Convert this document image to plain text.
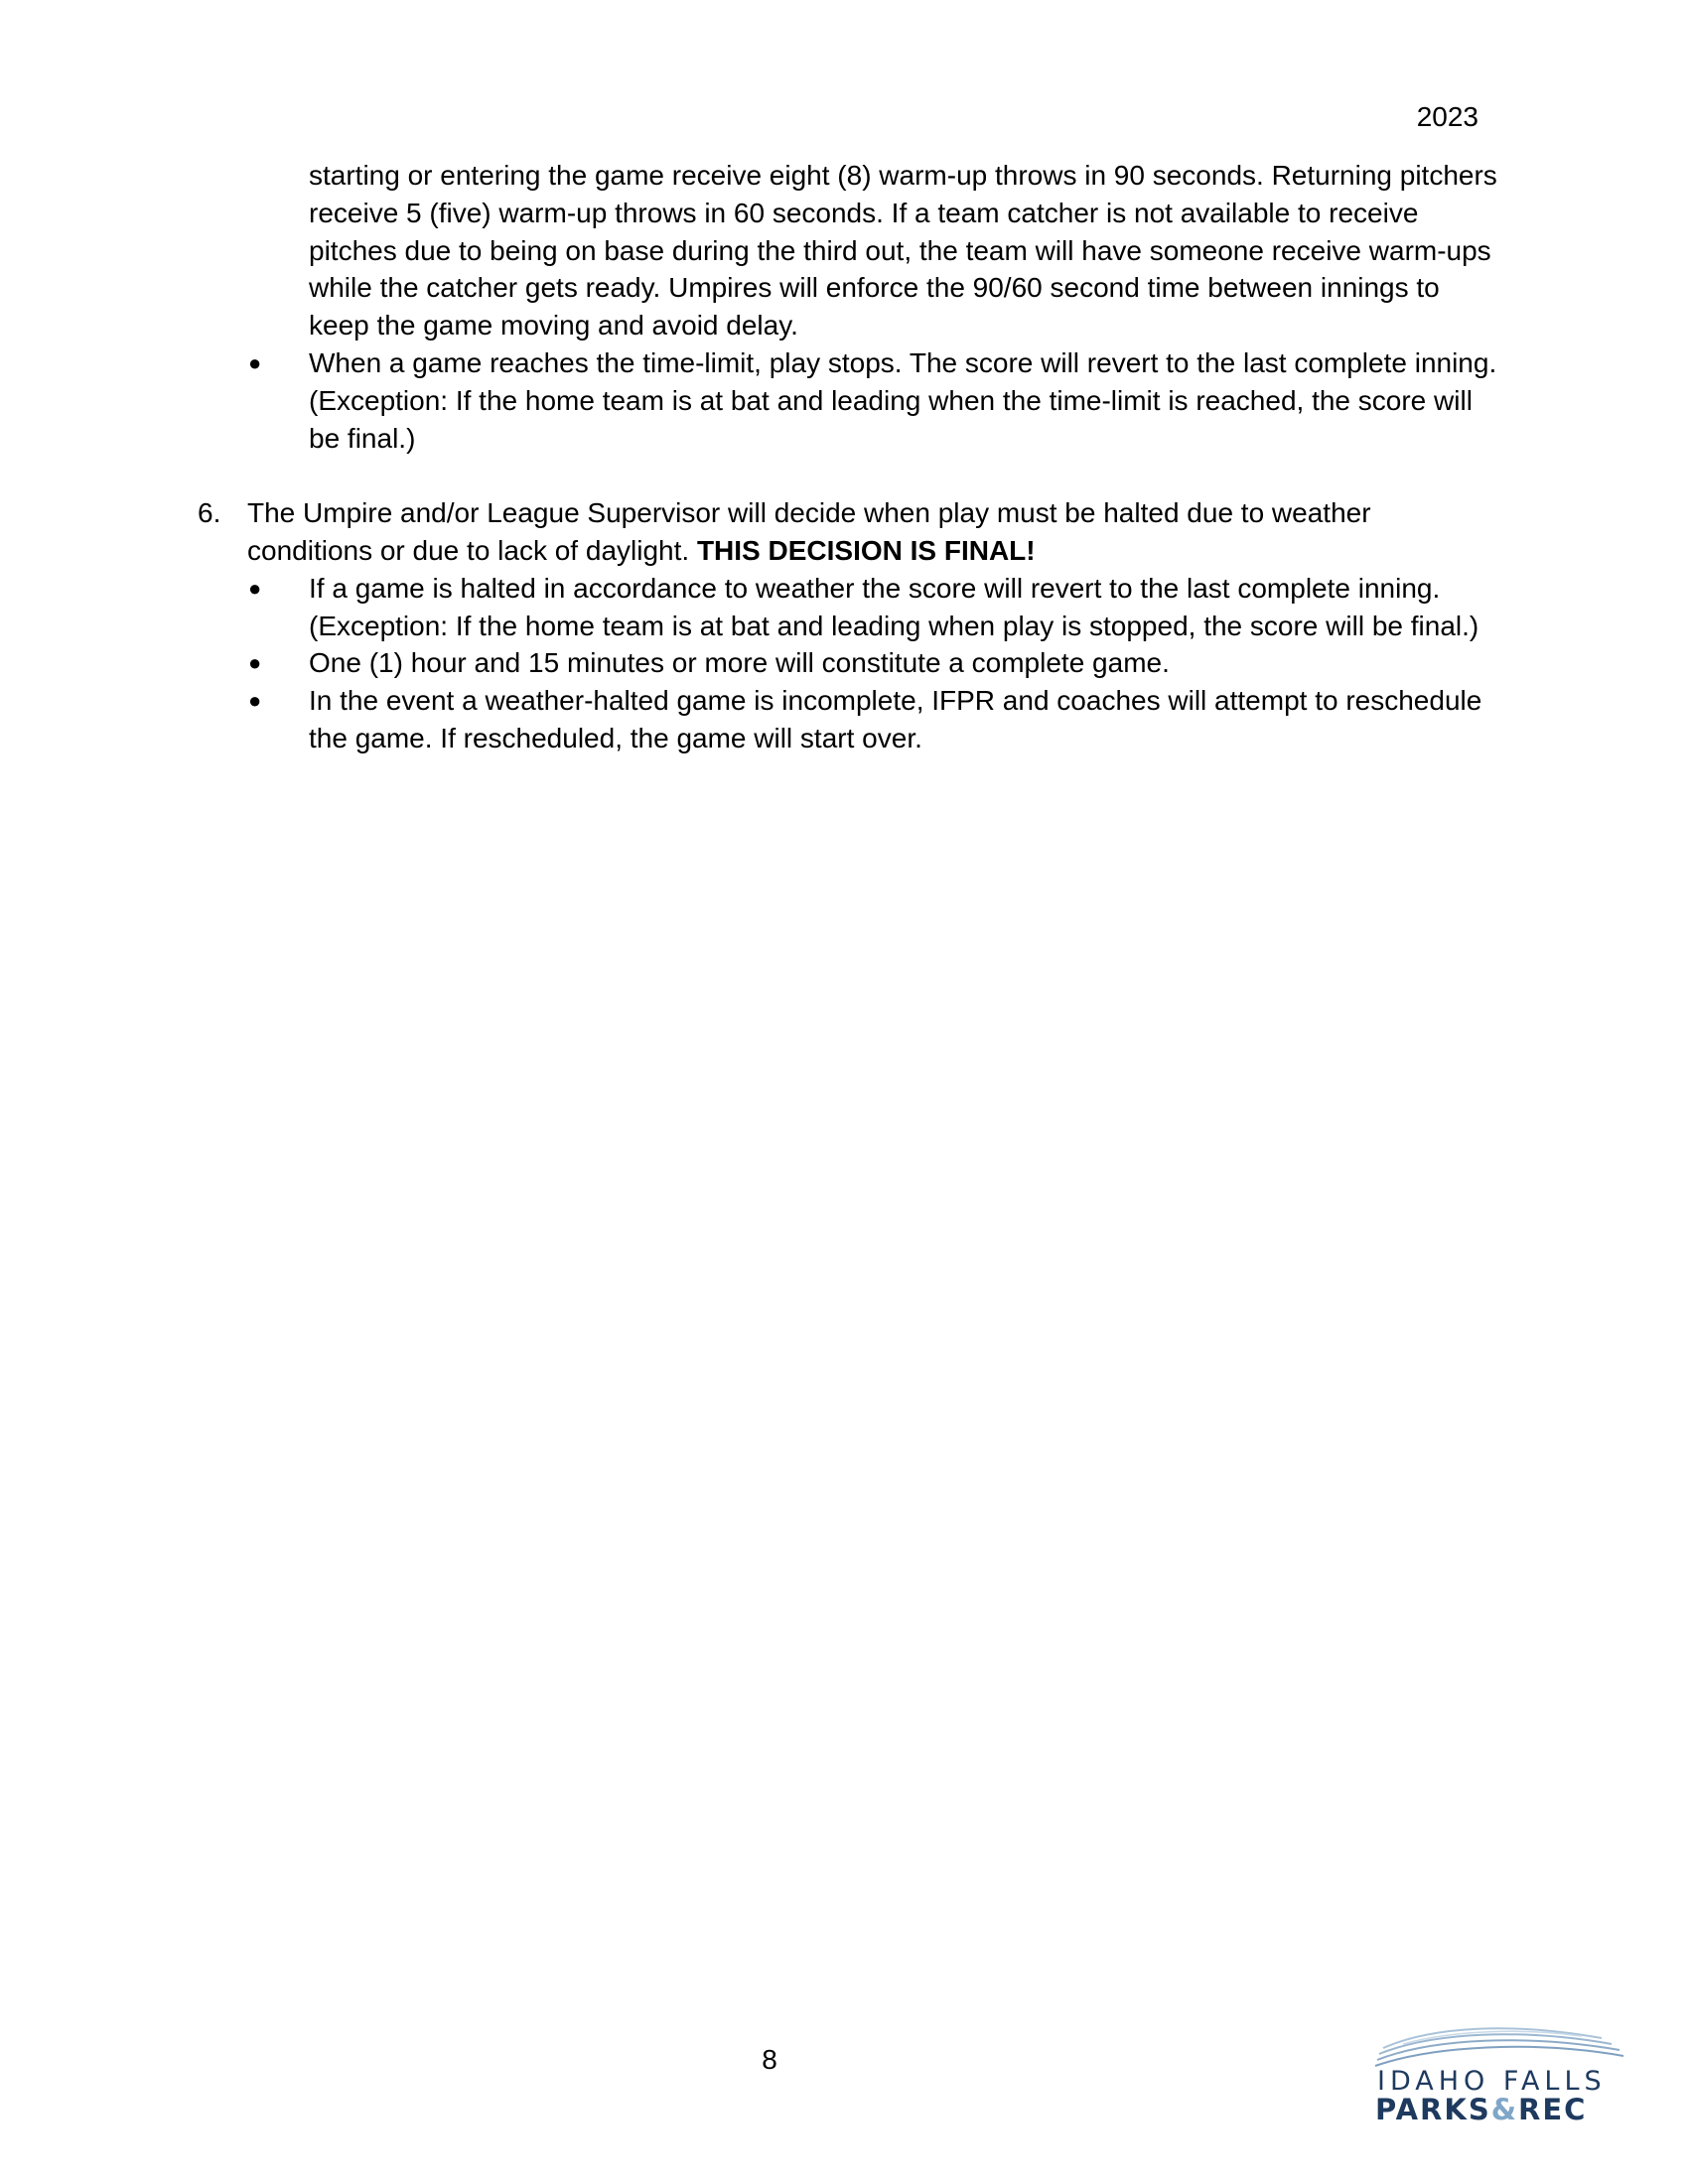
2023

starting or entering the game receive eight (8) warm-up throws in 90 seconds. Returning pitchers receive 5 (five) warm-up throws in 60 seconds. If a team catcher is not available to receive pitches due to being on base during the third out, the team will have someone receive warm-ups while the catcher gets ready. Umpires will enforce the 90/60 second time between innings to keep the game moving and avoid delay.

● When a game reaches the time-limit, play stops. The score will revert to the last complete inning. (Exception: If the home team is at bat and leading when the time-limit is reached, the score will be final.)
6. The Umpire and/or League Supervisor will decide when play must be halted due to weather conditions or due to lack of daylight. THIS DECISION IS FINAL!
● If a game is halted in accordance to weather the score will revert to the last complete inning. (Exception: If the home team is at bat and leading when play is stopped, the score will be final.)
● One (1) hour and 15 minutes or more will constitute a complete game.
● In the event a weather-halted game is incomplete, IFPR and coaches will attempt to reschedule the game. If rescheduled, the game will start over.
8
IDAHO FALLS
PARKS&REC
